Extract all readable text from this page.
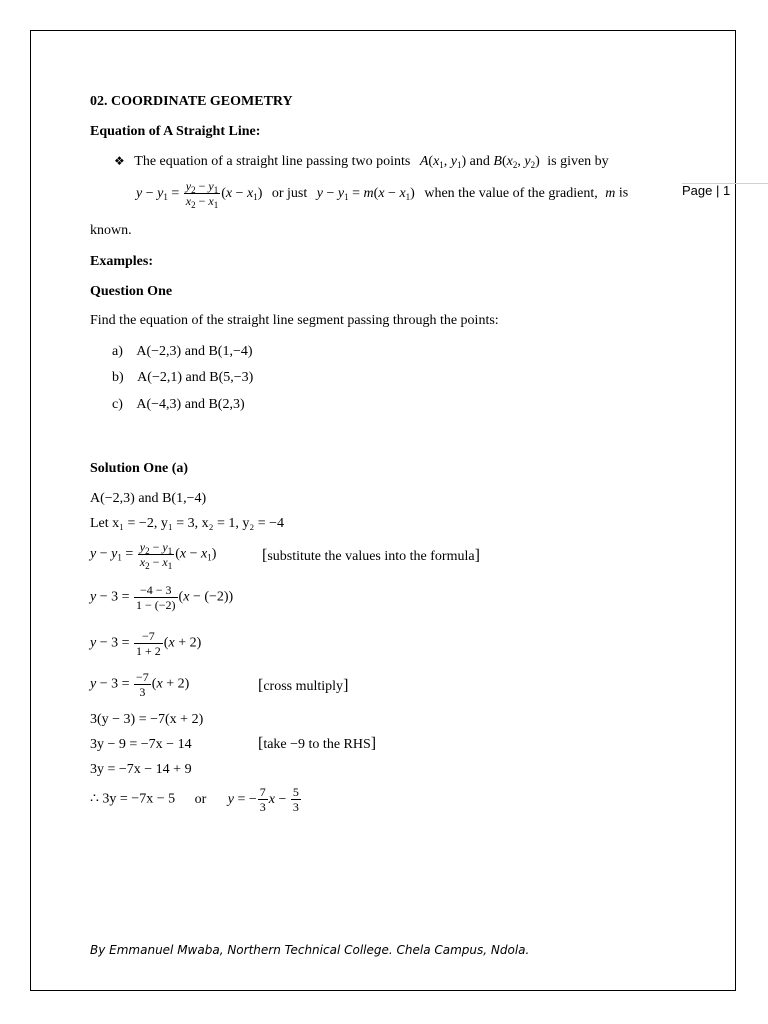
02. COORDINATE GEOMETRY
Equation of A Straight Line:
❖ The equation of a straight line passing two points $A(x_1$, $y_1$) and $B(x_2$, $y_2$) is given by
$y - y_1 = \frac{y_2 - y_1}{x_2 - x_1} (x - x_1)$ or just $y - y_1 = m(x - x_1)$ when the value of the gradient, m is	Page | 1
known.
Examples:
Question One
Find the equation of the straight line segment passing through the points:
a) A(−2,3) and B(1,−4)
b) A(−2,1) and B(5,−3)
c) A(−4,3) and B(2,3)
Solution One (a)
A(−2,3) and B(1,−4)
Let x₁ = −2, y₁ = 3, x₂ = 1, y₂ = −4
$y - y_1 = \frac{y_2 - y_1}{x_2 - x_1} (x - x_1)$	[substitute the values into the formula]
$y - 3 = \frac{-4 - 3}{1 - (-2)} (x - (-2))$
$y - 3 = \frac{-7}{1 + 2} (x + 2)$
$y - 3 = \frac{-7}{3} (x + 2)$	[cross multiply]
3(y − 3) = −7(x + 2)
3y − 9 = −7x − 14	[take −9 to the RHS]
3y = −7x − 14 + 9
∴ 3y = −7x − 5 or y = − $\frac{7}{3}$ $x - \frac{5}{3}$
By Emmanuel Mwaba, Northern Technical College. Chela Campus, Ndola.
